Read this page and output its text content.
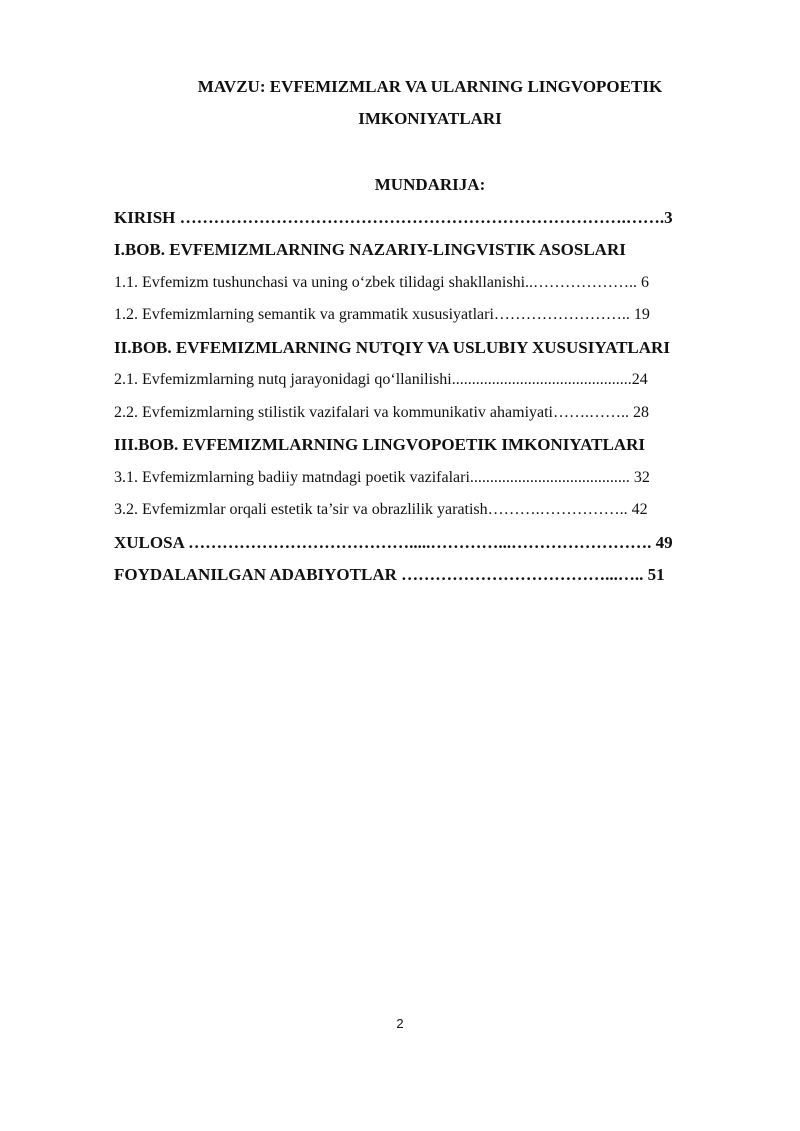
MAVZU: EVFEMIZMLAR VA ULARNING LINGVOPOETIK
IMKONIYATLARI
MUNDARIJA:
KIRISH …………………………………………………………………….…….3
I.BOB. EVFEMIZMLARNING NAZARIY-LINGVISTIK ASOSLARI
1.1. Evfemizm tushunchasi va uning o‘zbek tilidagi shakllanishi..……………….. 6
1.2. Evfemizmlarning semantik va grammatik xususiyatlari…………………….. 19
II.BOB. EVFEMIZMLARNING NUTQIY VA USLUBIY XUSUSIYATLARI
2.1. Evfemizmlarning nutq jarayonidagi qo‘llanilishi.............................................24
2.2. Evfemizmlarning stilistik vazifalari va kommunikativ ahamiyati…….…….. 28
III.BOB. EVFEMIZMLARNING LINGVOPOETIK IMKONIYATLARI
3.1. Evfemizmlarning badiiy matndagi poetik vazifalari........................................ 32
3.2. Evfemizmlar orqali estetik ta’sir va obrazlilik yaratish……….…………….. 42
XULOSA ………………………………….....…………...……………………. 49
FOYDALANILGAN ADABIYOTLAR ………………………………...….. 51
2
